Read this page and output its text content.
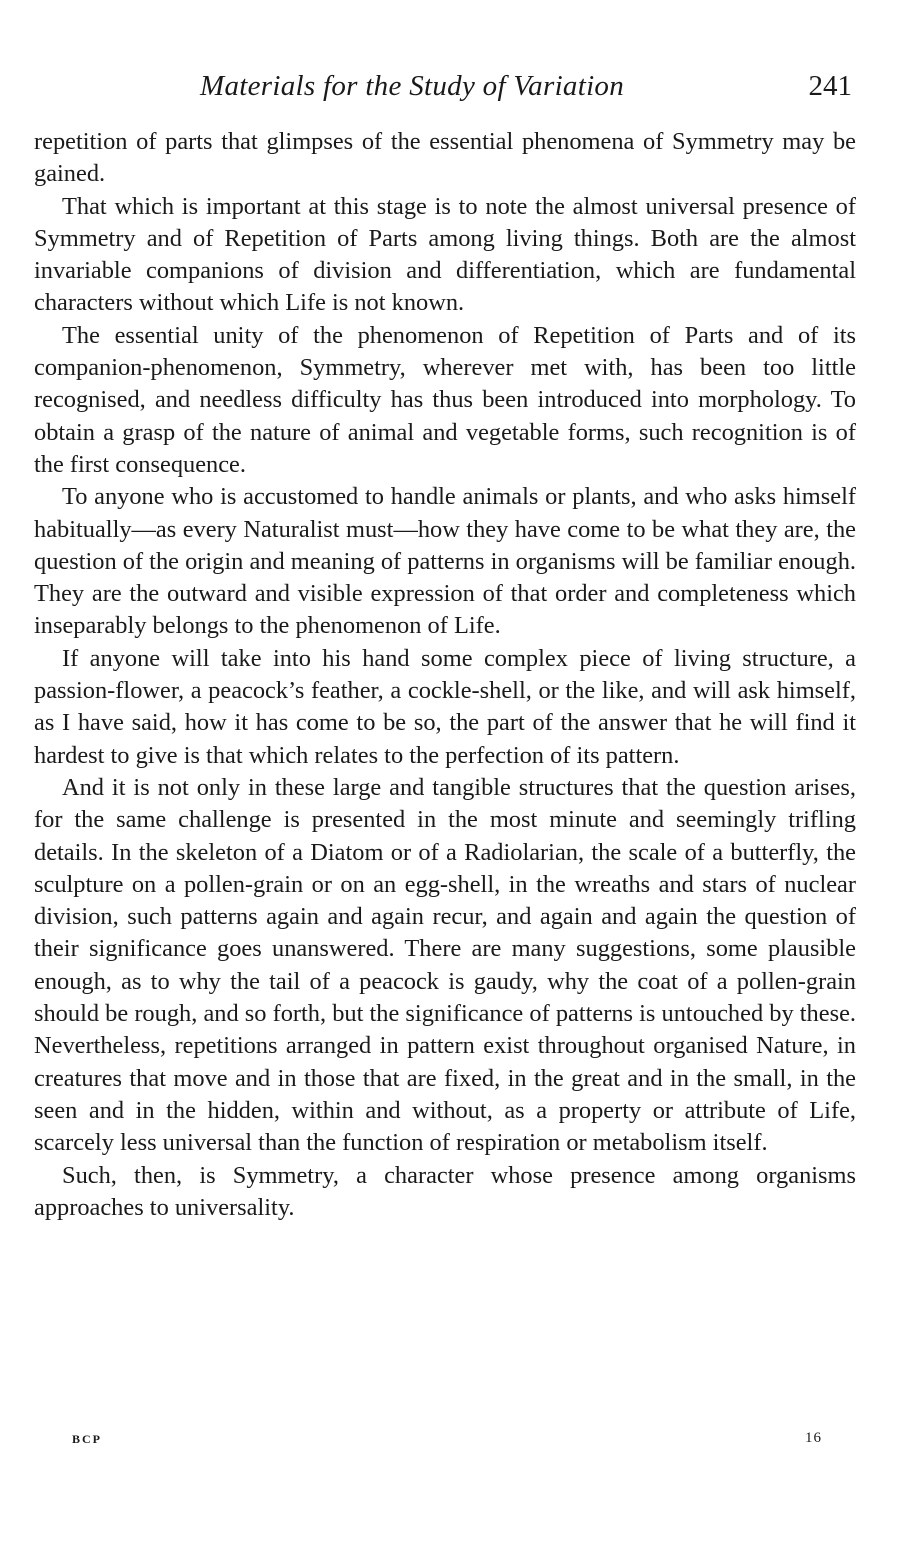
Materials for the Study of Variation	241

repetition of parts that glimpses of the essential phenomena of Symmetry may be gained.

That which is important at this stage is to note the almost universal presence of Symmetry and of Repetition of Parts among living things. Both are the almost invariable companions of division and differentiation, which are fundamental characters without which Life is not known.

The essential unity of the phenomenon of Repetition of Parts and of its companion-phenomenon, Symmetry, wherever met with, has been too little recognised, and needless difficulty has thus been introduced into morphology. To obtain a grasp of the nature of animal and vegetable forms, such recognition is of the first consequence.

To anyone who is accustomed to handle animals or plants, and who asks himself habitually—as every Naturalist must—how they have come to be what they are, the question of the origin and meaning of patterns in organisms will be familiar enough. They are the outward and visible expression of that order and completeness which inseparably belongs to the phenomenon of Life.

If anyone will take into his hand some complex piece of living structure, a passion-flower, a peacock’s feather, a cockle-shell, or the like, and will ask himself, as I have said, how it has come to be so, the part of the answer that he will find it hardest to give is that which relates to the perfection of its pattern.

And it is not only in these large and tangible structures that the question arises, for the same challenge is presented in the most minute and seemingly trifling details. In the skeleton of a Diatom or of a Radiolarian, the scale of a butterfly, the sculpture on a pollen-grain or on an egg-shell, in the wreaths and stars of nuclear division, such patterns again and again recur, and again and again the question of their significance goes unanswered. There are many suggestions, some plausible enough, as to why the tail of a peacock is gaudy, why the coat of a pollen-grain should be rough, and so forth, but the significance of patterns is untouched by these. Nevertheless, repetitions arranged in pattern exist throughout organised Nature, in creatures that move and in those that are fixed, in the great and in the small, in the seen and in the hidden, within and without, as a property or attribute of Life, scarcely less universal than the function of respiration or metabolism itself.

Such, then, is Symmetry, a character whose presence among organisms approaches to universality.

BCP	16
